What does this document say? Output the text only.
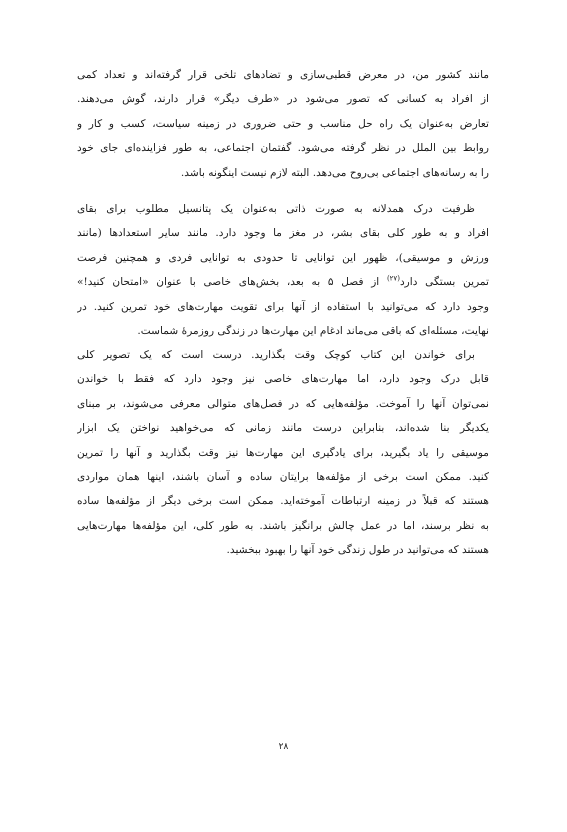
مانند کشور من، در معرض قطبی‌سازی و تضادهای تلخی قرار گرفته‌اند و تعداد کمی
از افراد به کسانی که تصور می‌شود در «طرف دیگر» قرار دارند، گوش می‌دهند.
تعارض به‌عنوان یک راه حل مناسب و حتی ضروری در زمینه سیاست، کسب و کار و
روابط بین الملل در نظر گرفته می‌شود. گفتمان اجتماعی، به طور فزاینده‌ای جای خود
را به رسانه‌های اجتماعی بی‌روح می‌دهد. البته لازم نیست اینگونه باشد.
ظرفیت درک همدلانه به صورت ذاتی به‌عنوان یک پتانسیل مطلوب برای بقای
افراد و به طور کلی بقای بشر، در مغز ما وجود دارد. مانند سایر استعدادها (مانند
ورزش و موسیقی)، ظهور این توانایی تا حدودی به توانایی فردی و همچنین فرصت
تمرین بستگی دارد$^{(۲۷)}$ از فصل ۵ به بعد، بخش‌های خاصی با عنوان «امتحان کنید!»
وجود دارد که می‌توانید با استفاده از آنها برای تقویت مهارت‌های خود تمرین کنید. در
نهایت، مسئله‌ای که باقی می‌ماند ادغام این مهارت‌ها در زندگی روزمرهٔ شماست.
برای خواندن این کتاب کوچک وقت بگذارید. درست است که یک تصویر کلی
قابل درک وجود دارد، اما مهارت‌های خاصی نیز وجود دارد که فقط با خواندن
نمی‌توان آنها را آموخت. مؤلفه‌هایی که در فصل‌های متوالی معرفی می‌شوند، بر مبنای
یکدیگر بنا شده‌اند، بنابراین درست مانند زمانی که می‌خواهید نواختن یک ابزار
موسیقی را یاد بگیرید، برای یادگیری این مهارت‌ها نیز وقت بگذارید و آنها را تمرین
کنید. ممکن است برخی از مؤلفه‌ها برایتان ساده و آسان باشند، اینها همان مواردی
هستند که قبلاً در زمینه ارتباطات آموخته‌اید. ممکن است برخی دیگر از مؤلفه‌ها ساده
به نظر برسند، اما در عمل چالش برانگیز باشند. به طور کلی، این مؤلفه‌ها مهارت‌هایی
هستند که می‌توانید در طول زندگی خود آنها را بهبود ببخشید.
۲۸
